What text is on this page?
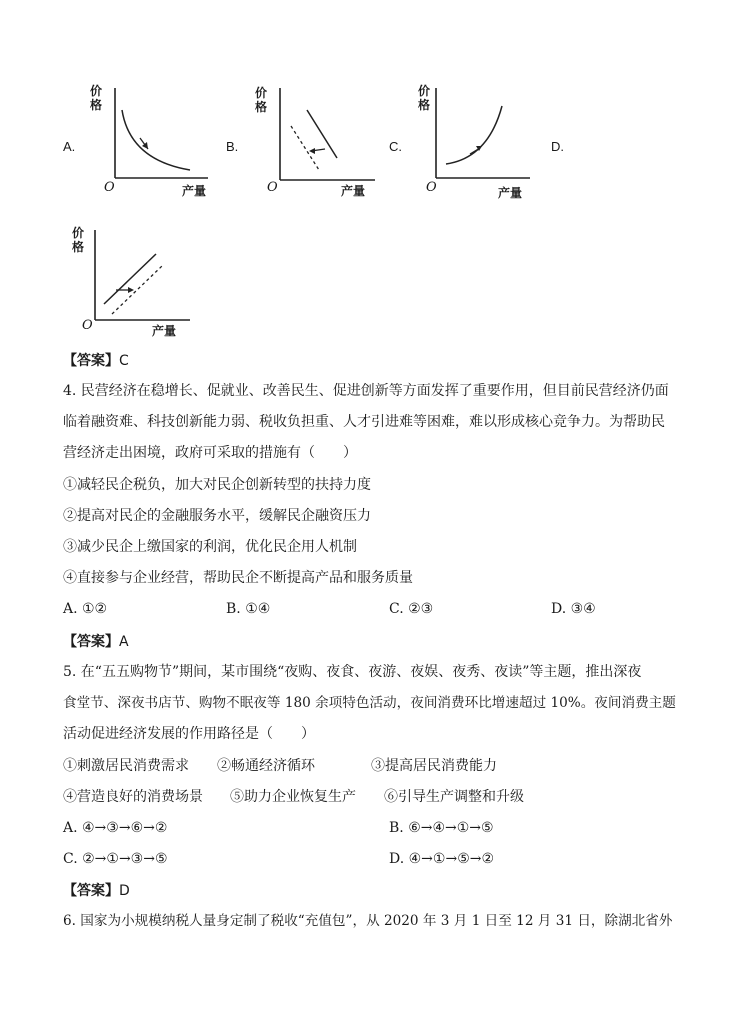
A.	B.	C.	D.
价格
O	产量
价格
O	产量
价格
O	产量
价格
O	产量
【答案】C
4. 民营经济在稳增长、促就业、改善民生、促进创新等方面发挥了重要作用，但目前民营经济仍面
临着融资难、科技创新能力弱、税收负担重、人才引进难等困难，难以形成核心竞争力。为帮助民
营经济走出困境，政府可采取的措施有（　　）
①减轻民企税负，加大对民企创新转型的扶持力度
②提高对民企的金融服务水平，缓解民企融资压力
③减少民企上缴国家的利润，优化民企用人机制
④直接参与企业经营，帮助民企不断提高产品和服务质量
A. ①②	B. ①④	C. ②③	D. ③④
【答案】A
5. 在“五五购物节”期间，某市围绕“夜购、夜食、夜游、夜娱、夜秀、夜读”等主题，推出深夜
食堂节、深夜书店节、购物不眠夜等 180 余项特色活动，夜间消费环比增速超过 10%。夜间消费主题
活动促进经济发展的作用路径是（　　）
①刺激居民消费需求 ②畅通经济循环	③提高居民消费能力
④营造良好的消费场景 ⑤助力企业恢复生产 ⑥引导生产调整和升级
A. ④→③→⑥→②	B. ⑥→④→①→⑤
C. ②→①→③→⑤	D. ④→①→⑤→②
【答案】D
6. 国家为小规模纳税人量身定制了税收“充值包”，从 2020 年 3 月 1 日至 12 月 31 日，除湖北省外
